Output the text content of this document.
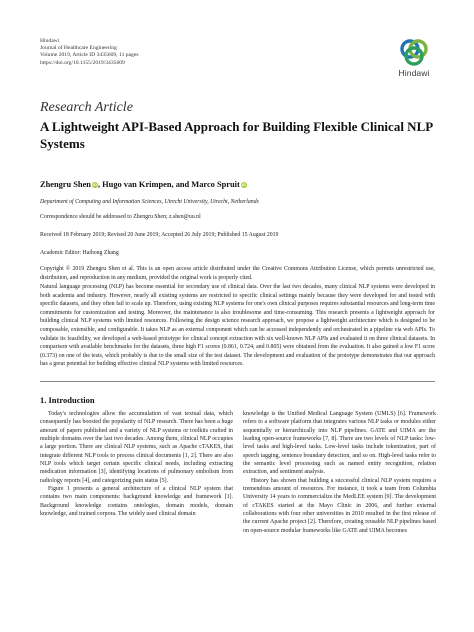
Hindawi
Journal of Healthcare Engineering
Volume 2019, Article ID 3435609, 11 pages
https://doi.org/10.1155/2019/3435609
Hindawi
Research Article
A Lightweight API-Based Approach for Building Flexible Clinical NLP Systems
Zhengru Shen iD, Hugo van Krimpen, and Marco Spruit iD
Department of Computing and Information Sciences, Utrecht University, Utrecht, Netherlands
Correspondence should be addressed to Zhengru Shen; z.shen@uu.nl
Received 18 February 2019; Revised 20 June 2019; Accepted 26 July 2019; Published 15 August 2019
Academic Editor: Haihong Zhang

Copyright © 2019 Zhengru Shen et al. This is an open access article distributed under the Creative Commons Attribution License, which permits unrestricted use, distribution, and reproduction in any medium, provided the original work is properly cited.

Natural language processing (NLP) has become essential for secondary use of clinical data. Over the last two decades, many clinical NLP systems were developed in both academia and industry. However, nearly all existing systems are restricted to specific clinical settings mainly because they were developed for and tested with specific datasets, and they often fail to scale up. Therefore, using existing NLP systems for one's own clinical purposes requires substantial resources and long-term time commitments for customization and testing. Moreover, the maintenance is also troublesome and time-consuming. This research presents a lightweight approach for building clinical NLP systems with limited resources. Following the design science research approach, we propose a lightweight architecture which is designed to be composable, extensible, and configurable. It takes NLP as an external component which can be accessed independently and orchestrated in a pipeline via web APIs. To validate its feasibility, we developed a web-based prototype for clinical concept extraction with six well-known NLP APIs and evaluated it on three clinical datasets. In comparison with available benchmarks for the datasets, three high F1 scores (0.861, 0.724, and 0.805) were obtained from the evaluation. It also gained a low F1 score (0.373) on one of the tests, which probably is due to the small size of the test dataset. The development and evaluation of the prototype demonstrates that our approach has a great potential for building effective clinical NLP systems with limited resources.

1. Introduction

Today's technologies allow the accumulation of vast textual data, which consequently has boosted the popularity of NLP research. There has been a huge amount of papers published and a variety of NLP systems or toolkits crafted in multiple domains over the last two decades. Among them, clinical NLP occupies a large portion. There are clinical NLP systems, such as Apache cTAKES, that integrate different NLP tools to process clinical documents [1, 2]. There are also NLP tools which target certain specific clinical needs, including extracting medication information [3], identifying locations of pulmonary embolism from radiology reports [4], and categorizing pain status [5].

Figure 1 presents a general architecture of a clinical NLP system that contains two main components: background knowledge and framework [1]. Background knowledge contains ontologies, domain models, domain knowledge, and trained corpora. The widely used clinical domain

knowledge is the Unified Medical Language System (UMLS) [6]. Framework refers to a software platform that integrates various NLP tasks or modules either sequentially or hierarchically into NLP pipelines. GATE and UIMA are the leading open-source frameworks [7, 8]. There are two levels of NLP tasks: low-level tasks and high-level tasks. Low-level tasks include tokenization, part of speech tagging, sentence boundary detection, and so on. High-level tasks refer to the semantic level processing such as named entity recognition, relation extraction, and sentiment analysis.

History has shown that building a successful clinical NLP system requires a tremendous amount of resources. For instance, it took a team from Columbia University 14 years to commercialize the MedLEE system [9]. The development of cTAKES started at the Mayo Clinic in 2006, and further external collaborations with four other universities in 2010 resulted in the first release of the current Apache project [2]. Therefore, creating reusable NLP pipelines based on open-source modular frameworks like GATE and UIMA becomes
